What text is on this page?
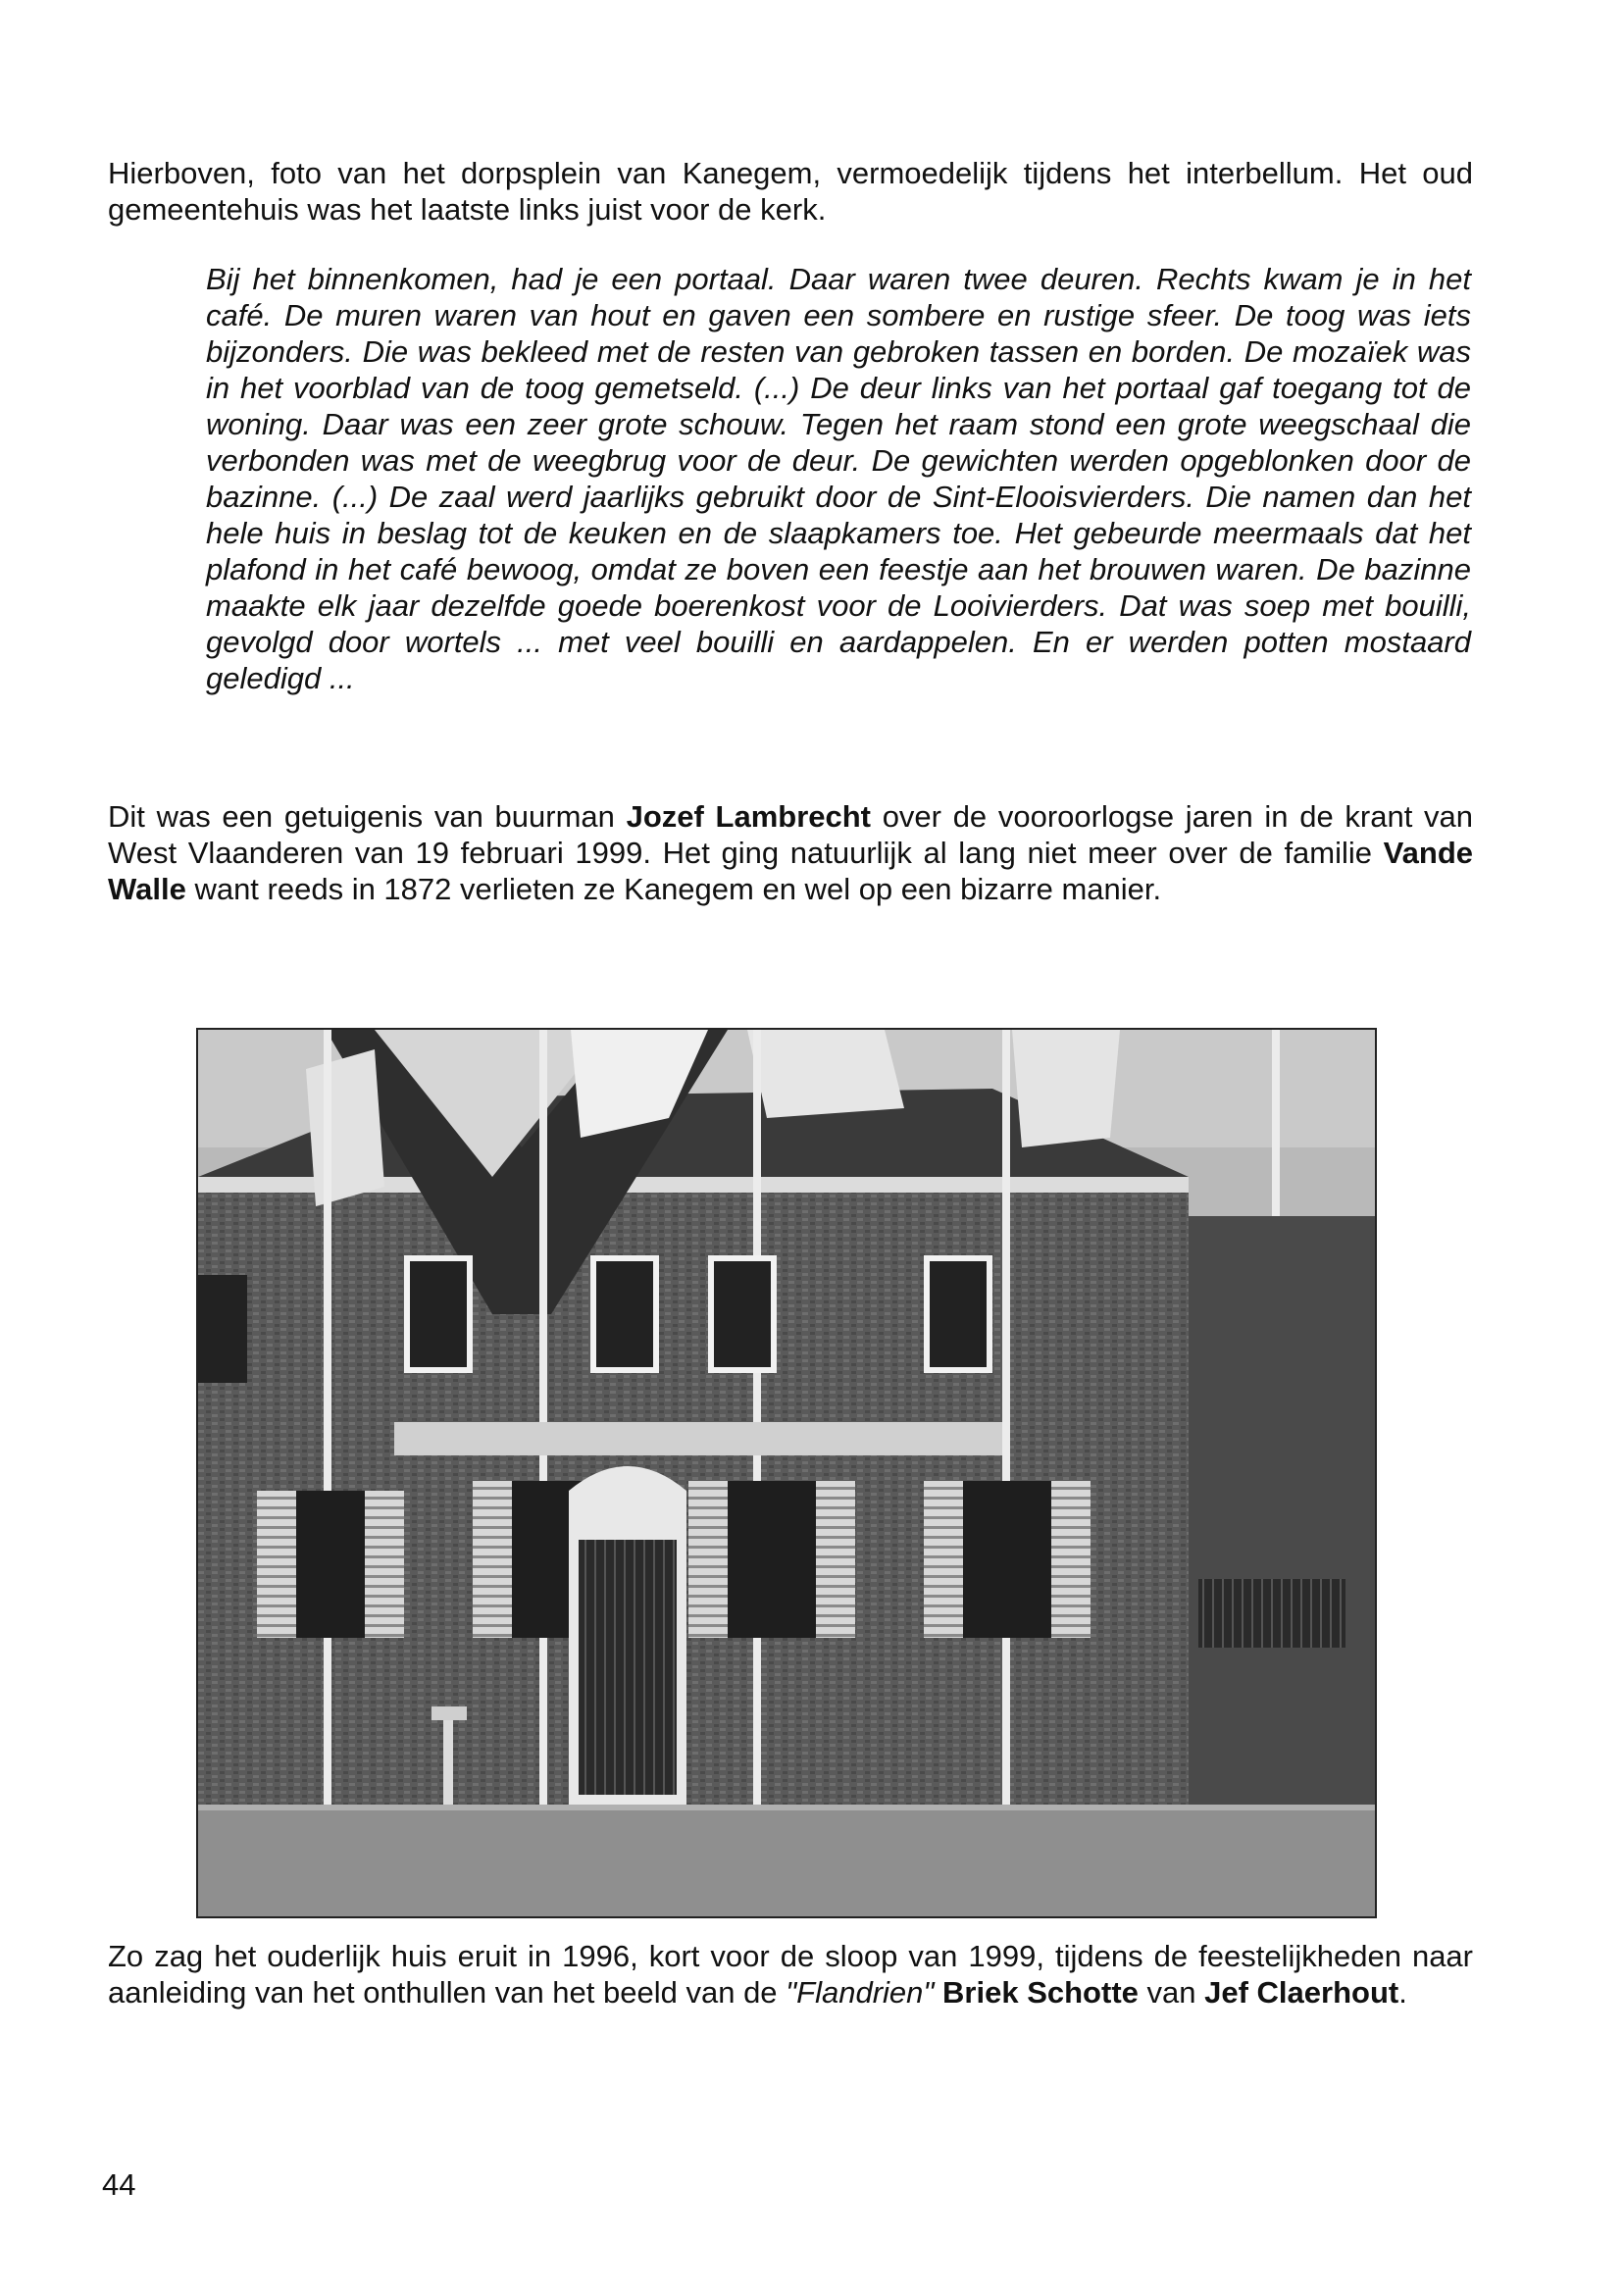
Hierboven, foto van het dorpsplein van Kanegem, vermoedelijk tijdens het interbellum. Het oud gemeentehuis was het laatste links juist voor de kerk.

Bij het binnenkomen, had je een portaal. Daar waren twee deuren. Rechts kwam je in het café. De muren waren van hout en gaven een sombere en rustige sfeer. De toog was iets bijzonders. Die was bekleed met de resten van gebroken tassen en borden. De mozaïek was in het voorblad van de toog gemetseld. (...) De deur links van het portaal gaf toegang tot de woning. Daar was een zeer grote schouw. Tegen het raam stond een grote weegschaal die verbonden was met de weegbrug voor de deur. De gewichten werden opgeblonken door de bazinne. (...) De zaal werd jaarlijks gebruikt door de Sint-Elooisvierders. Die namen dan het hele huis in beslag tot de keuken en de slaapkamers toe. Het gebeurde meermaals dat het plafond in het café bewoog, omdat ze boven een feestje aan het brouwen waren. De bazinne maakte elk jaar dezelfde goede boerenkost voor de Looivierders. Dat was soep met bouilli, gevolgd door wortels ... met veel bouilli en aardappelen. En er werden potten mostaard geledigd ...

Dit was een getuigenis van buurman Jozef Lambrecht over de vooroorlogse jaren in de krant van West Vlaanderen van 19 februari 1999. Het ging natuurlijk al lang niet meer over de familie Vande Walle want reeds in 1872 verlieten ze Kanegem en wel op een bizarre manier.

Zo zag het ouderlijk huis eruit in 1996, kort voor de sloop van 1999, tijdens de feestelijkheden naar aanleiding van het onthullen van het beeld van de "Flandrien" Briek Schotte van Jef Claerhout.

44
